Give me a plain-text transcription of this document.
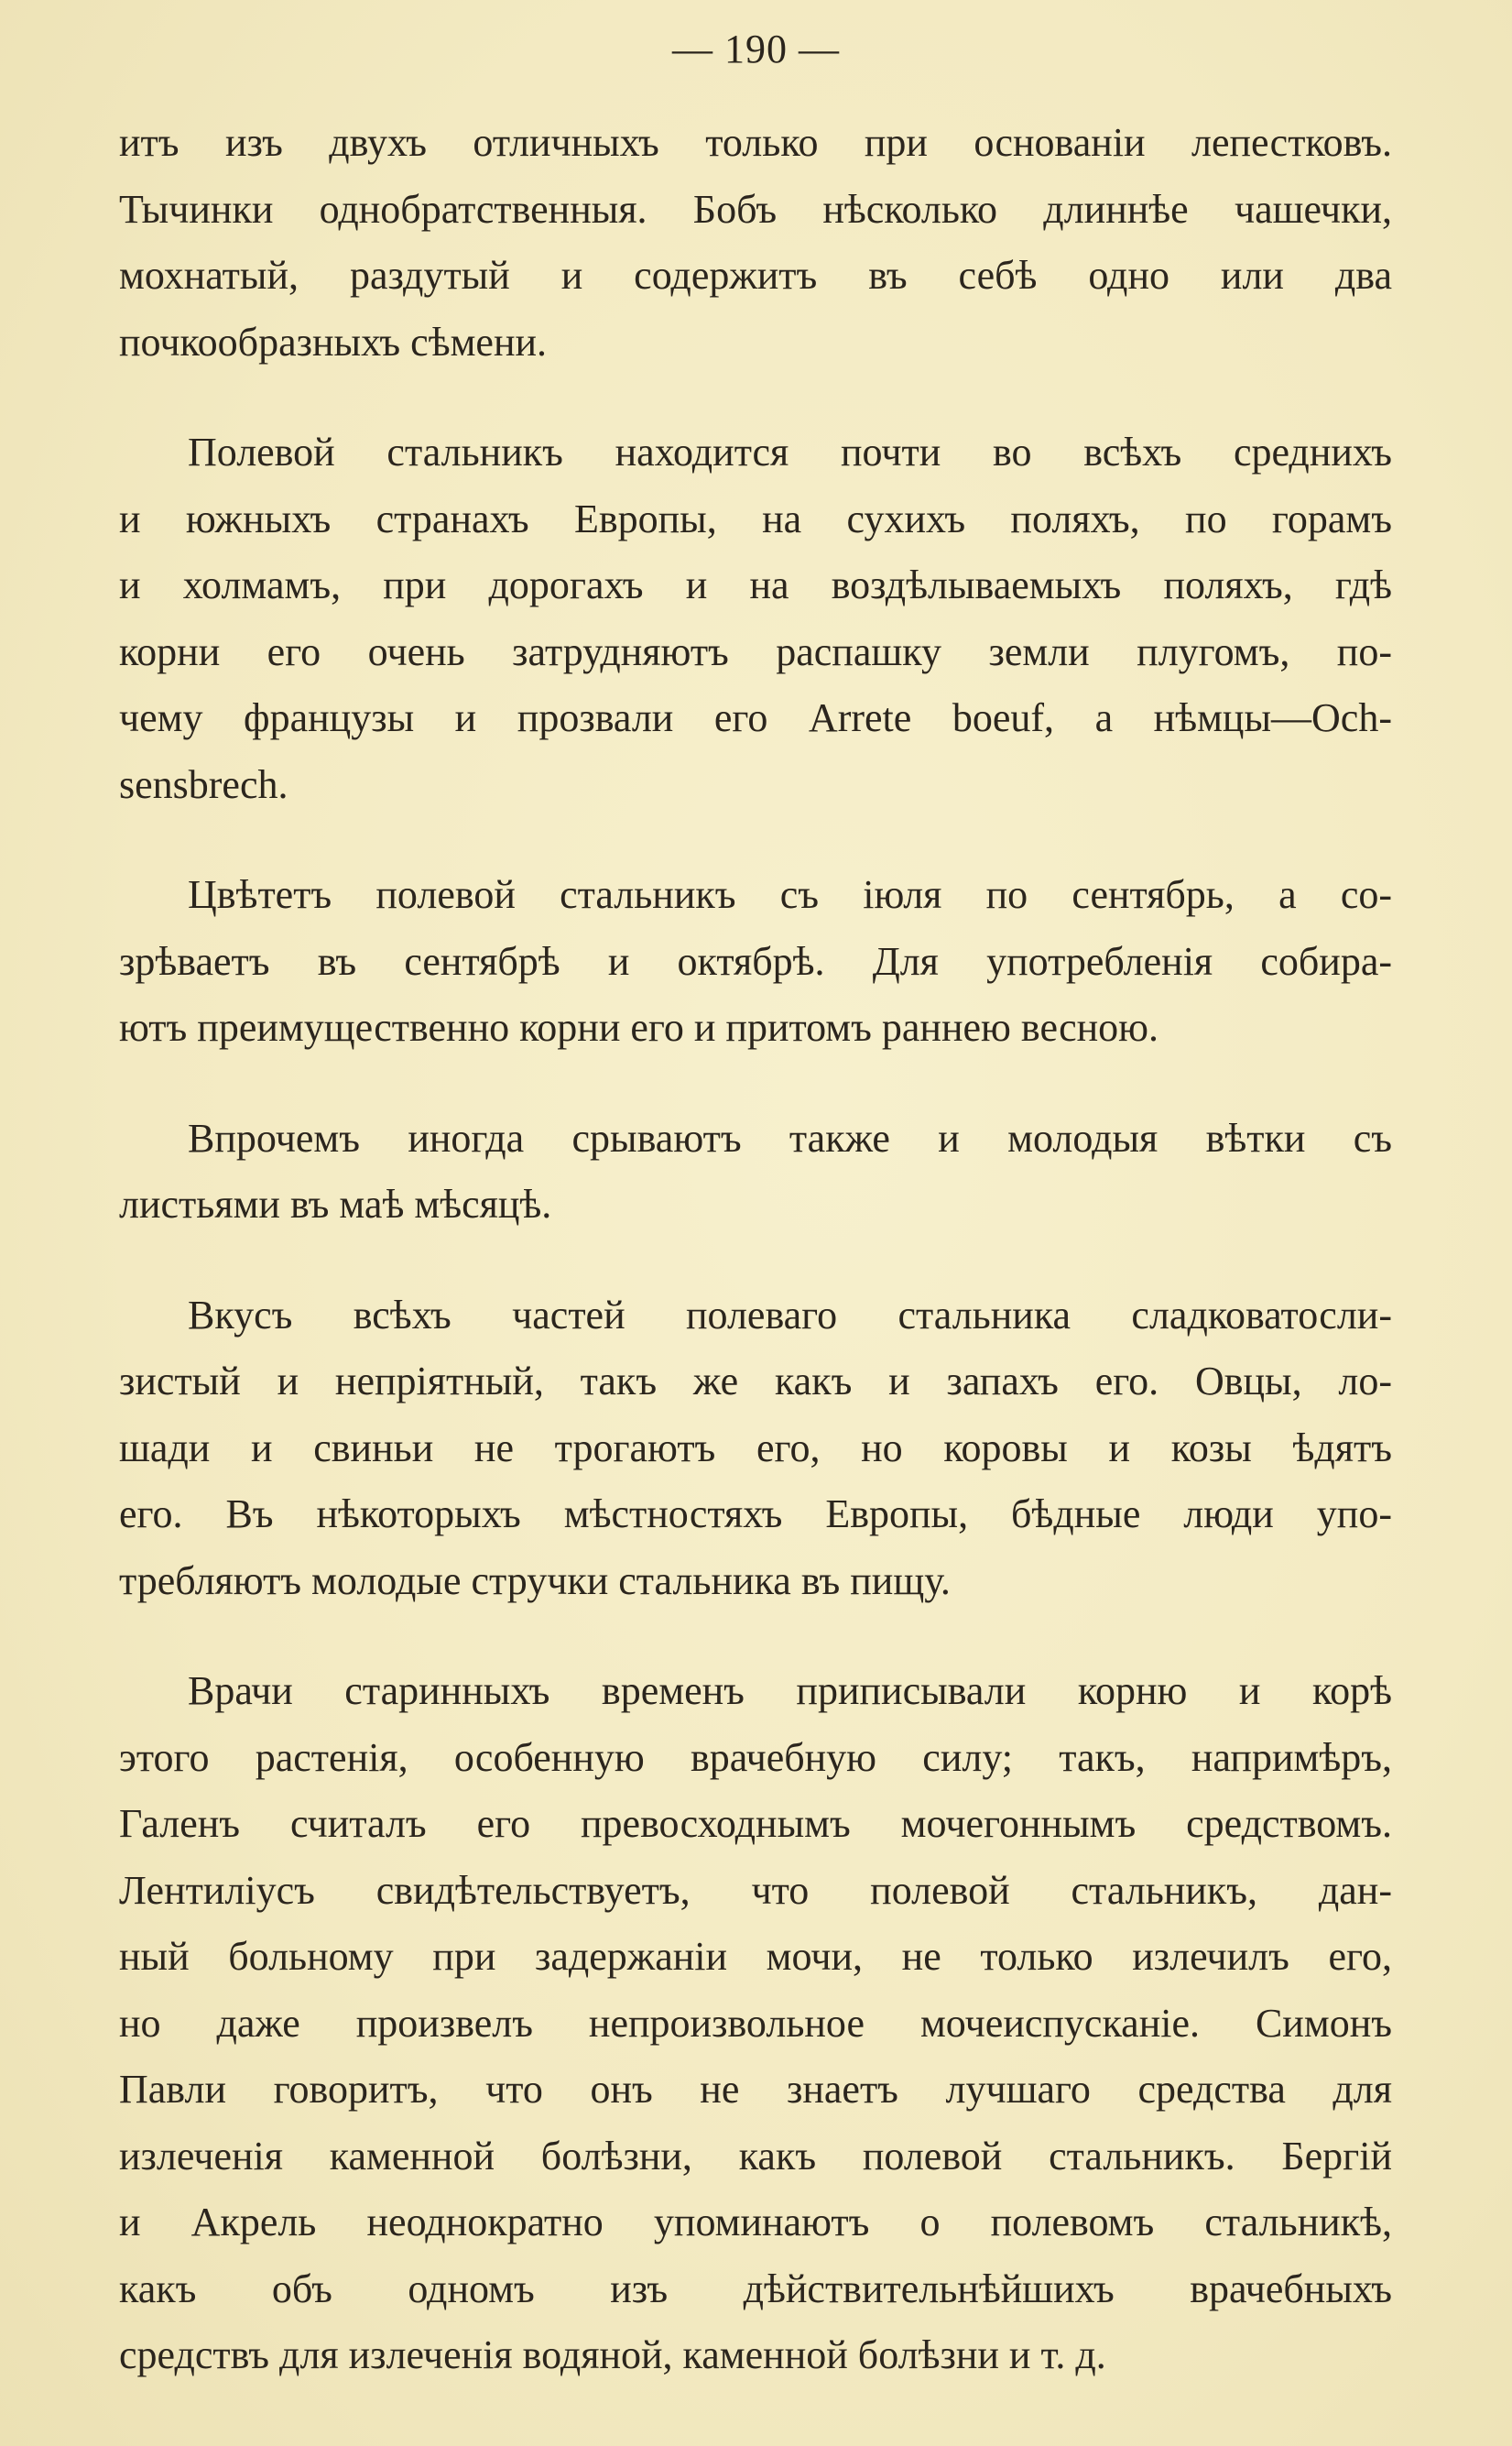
— 190 —

итъ изъ двухъ отличныхъ только при основанiи лепестковъ.
Тычинки однобратственныя. Бобъ нѣсколько длиннѣе чашечки,
мохнатый, раздутый и содержитъ въ себѣ одно или два
почкообразныхъ сѣмени.

Полевой стальникъ находится почти во всѣхъ среднихъ
и южныхъ странахъ Европы, на сухихъ поляхъ, по горамъ
и холмамъ, при дорогахъ и на воздѣлываемыхъ поляхъ, гдѣ
корни его очень затрудняютъ распашку земли плугомъ, по-
чему французы и прозвали его Arrete boeuf, а нѣмцы—Och-
sensbrech.

Цвѣтетъ полевой стальникъ съ iюля по сентябрь, а со-
зрѣваетъ въ сентябрѣ и октябрѣ. Для употребленiя собира-
ютъ преимущественно корни его и притомъ раннею весною.

Впрочемъ иногда срываютъ также и молодыя вѣтки съ
листьями въ маѣ мѣсяцѣ.

Вкусъ всѣхъ частей полеваго стальника сладковатосли-
зистый и непрiятный, такъ же какъ и запахъ его. Овцы, ло-
шади и свиньи не трогаютъ его, но коровы и козы ѣдятъ
его. Въ нѣкоторыхъ мѣстностяхъ Европы, бѣдные люди упо-
требляютъ молодые стручки стальника въ пищу.

Врачи старинныхъ временъ приписывали корню и корѣ
этого растенiя, особенную врачебную силу; такъ, напримѣръ,
Галенъ считалъ его превосходнымъ мочегоннымъ средствомъ.
Лентилiусъ свидѣтельствуетъ, что полевой стальникъ, дан-
ный больному при задержанiи мочи, не только излечилъ его,
но даже произвелъ непроизвольное мочеиспусканiе. Симонъ
Павли говоритъ, что онъ не знаетъ лучшаго средства для
излеченiя каменной болѣзни, какъ полевой стальникъ. Бергiй
и Акрель неоднократно упоминаютъ о полевомъ стальникѣ,
какъ объ одномъ изъ дѣйствительнѣйшихъ врачебныхъ
средствъ для излеченiя водяной, каменной болѣзни и т. д.
